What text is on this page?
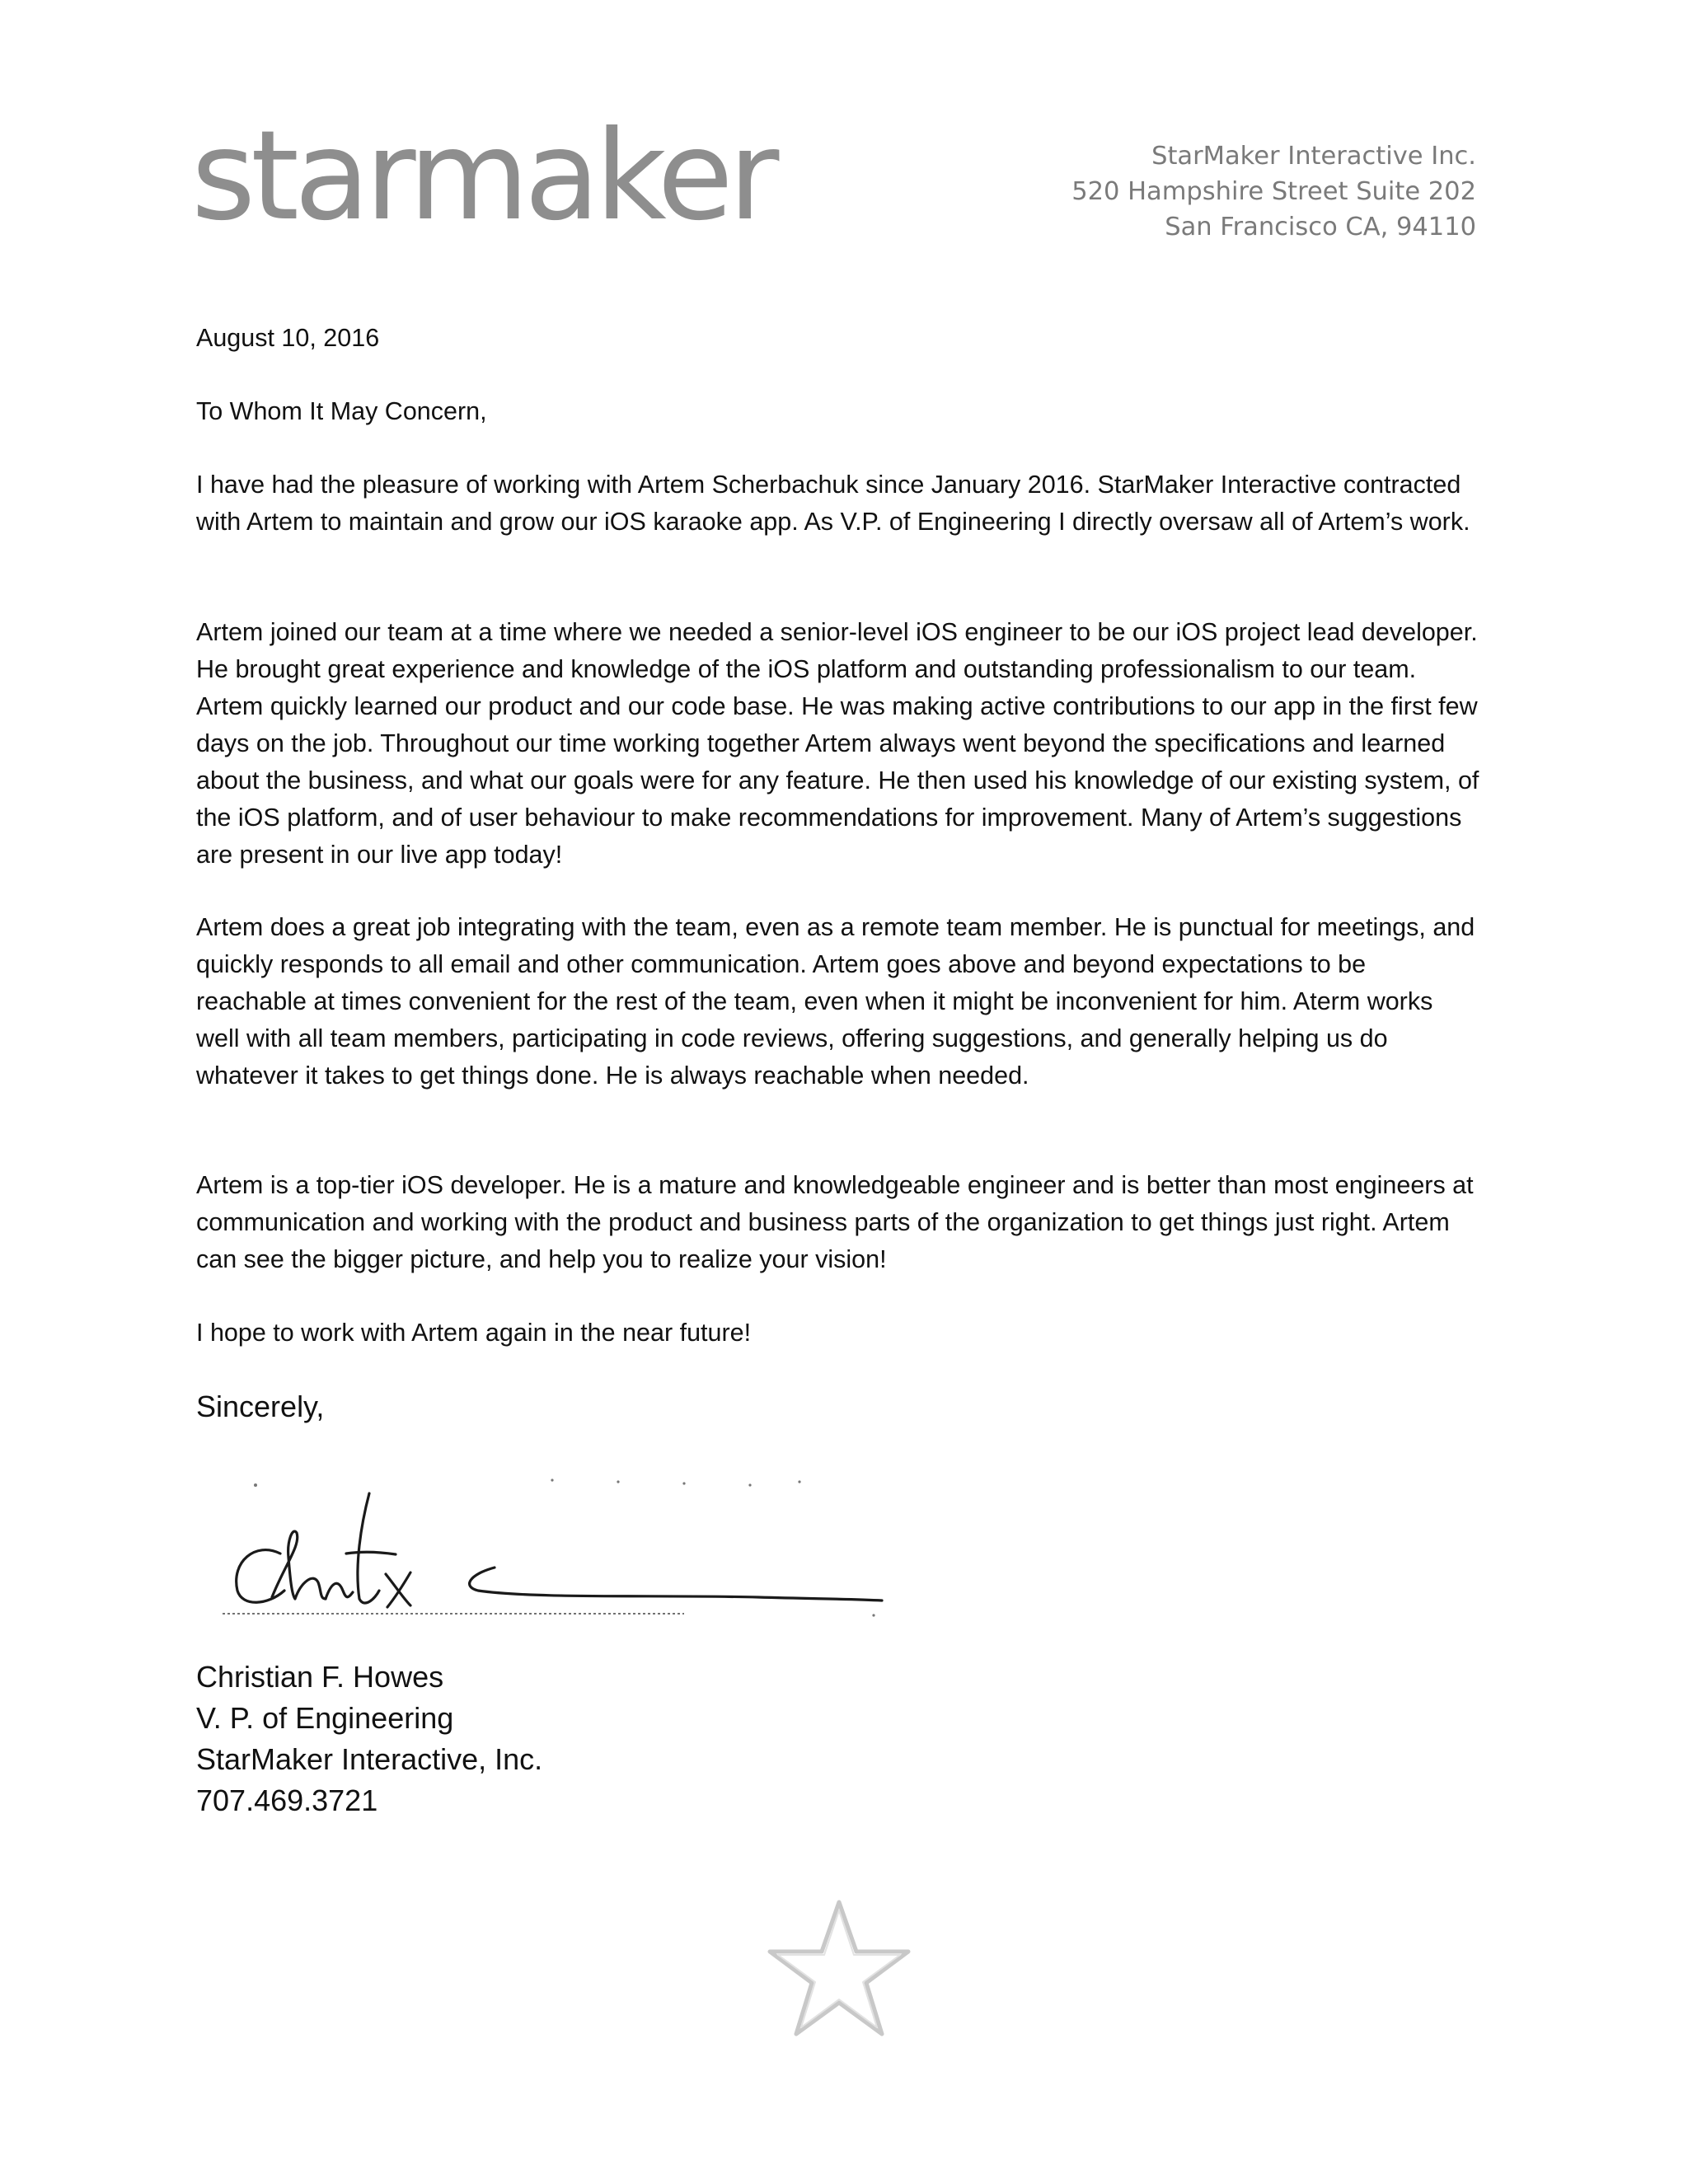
starmaker	StarMaker Interactive Inc.
520 Hampshire Street Suite 202
San Francisco CA, 94110
August 10, 2016
To Whom It May Concern,

I have had the pleasure of working with Artem Scherbachuk since January 2016. StarMaker Interactive contracted with Artem to maintain and grow our iOS karaoke app. As V.P. of Engineering I directly oversaw all of Artem’s work.

Artem joined our team at a time where we needed a senior-level iOS engineer to be our iOS project lead developer. He brought great experience and knowledge of the iOS platform and outstanding professionalism to our team. Artem quickly learned our product and our code base. He was making active contributions to our app in the first few days on the job. Throughout our time working together Artem always went beyond the specifications and learned about the business, and what our goals were for any feature. He then used his knowledge of our existing system, of the iOS platform, and of user behaviour to make recommendations for improvement. Many of Artem’s suggestions are present in our live app today!

Artem does a great job integrating with the team, even as a remote team member. He is punctual for meetings, and quickly responds to all email and other communication. Artem goes above and beyond expectations to be reachable at times convenient for the rest of the team, even when it might be inconvenient for him. Aterm works well with all team members, participating in code reviews, offering suggestions, and generally helping us do whatever it takes to get things done. He is always reachable when needed.

Artem is a top-tier iOS developer. He is a mature and knowledgeable engineer and is better than most engineers at communication and working with the product and business parts of the organization to get things just right. Artem can see the bigger picture, and help you to realize your vision!

I hope to work with Artem again in the near future!

Sincerely,
Christian F. Howes
V. P. of Engineering
StarMaker Interactive, Inc.
707.469.3721
